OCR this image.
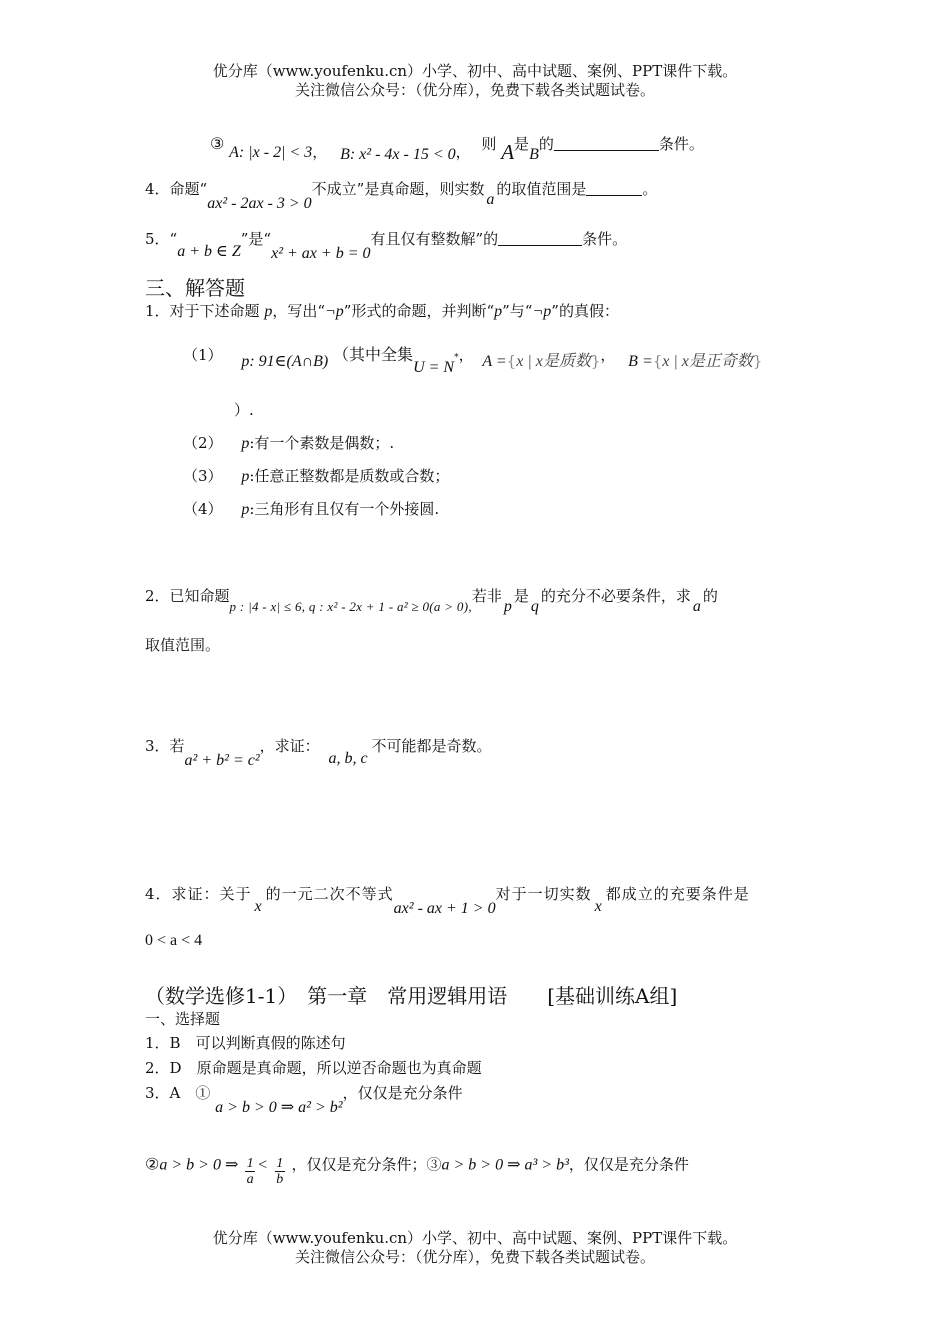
优分库（www.youfenku.cn）小学、初中、高中试题、案例、PPT课件下载。
关注微信公众号：（优分库），免费下载各类试题试卷。
③ A: |x - 2| < 3， B: x² - 4x - 15 < 0， 则 A是B的	条件。
4．命题“ax² - 2ax - 3 > 0不成立”是真命题，则实数a的取值范围是	。
5．“a + b ∈ Z”是“x² + ax + b = 0有且仅有整数解”的	条件。
三、解答题
1．对于下述命题 p，写出“¬p”形式的命题，并判断“p”与“¬p”的真假：
（1） p: 91∈(A∩B) （其中全集U = N*， A ={x | x是质数}， B ={x | x是正奇数}
）.
（2） p:有一个素数是偶数；.
（3） p:任意正整数都是质数或合数；
（4） p:三角形有且仅有一个外接圆.
2．已知命题p : |4 - x| ≤ 6, q : x² - 2x + 1 - a² ≥ 0(a > 0),若非p是q的充分不必要条件，求a的
取值范围。
3．若a² + b² = c²，求证： a, b, c不可能都是奇数。
4．求证：关于x的一元二次不等式ax² - ax + 1 > 0对于一切实数x都成立的充要条件是
0 < a < 4
（数学选修1-1）　第一章　常用逻辑用语　　[基础训练A组]
一、选择题
1．B　可以判断真假的陈述句
2．D　原命题是真命题，所以逆否命题也为真命题
3．A　① a > b > 0 ⇒ a² > b²，仅仅是充分条件
②a > b > 0 ⇒ $\frac{1}{a} < \frac{1}{b}$ ，仅仅是充分条件；③a > b > 0 ⇒ a³ > b³，仅仅是充分条件
优分库（www.youfenku.cn）小学、初中、高中试题、案例、PPT课件下载。
关注微信公众号：（优分库），免费下载各类试题试卷。
